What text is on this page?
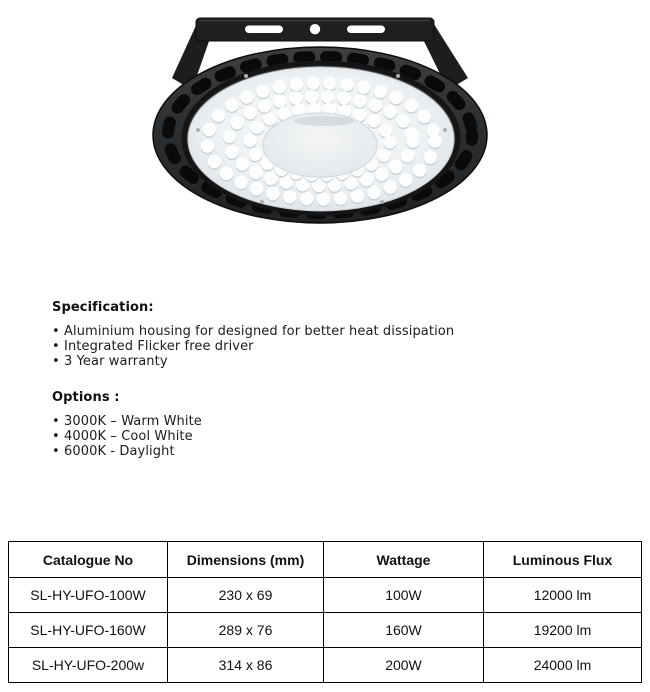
Specification:
• Aluminium housing for designed for better heat dissipation
• Integrated Flicker free driver
• 3 Year warranty
Options :
• 3000K – Warm White
• 4000K – Cool White
• 6000K - Daylight
Catalogue No	Dimensions (mm)	Wattage	Luminous Flux
SL-HY-UFO-100W	230 x 69	100W	12000 lm
SL-HY-UFO-160W	289 x 76	160W	19200 lm
SL-HY-UFO-200w	314 x 86	200W	24000 lm
